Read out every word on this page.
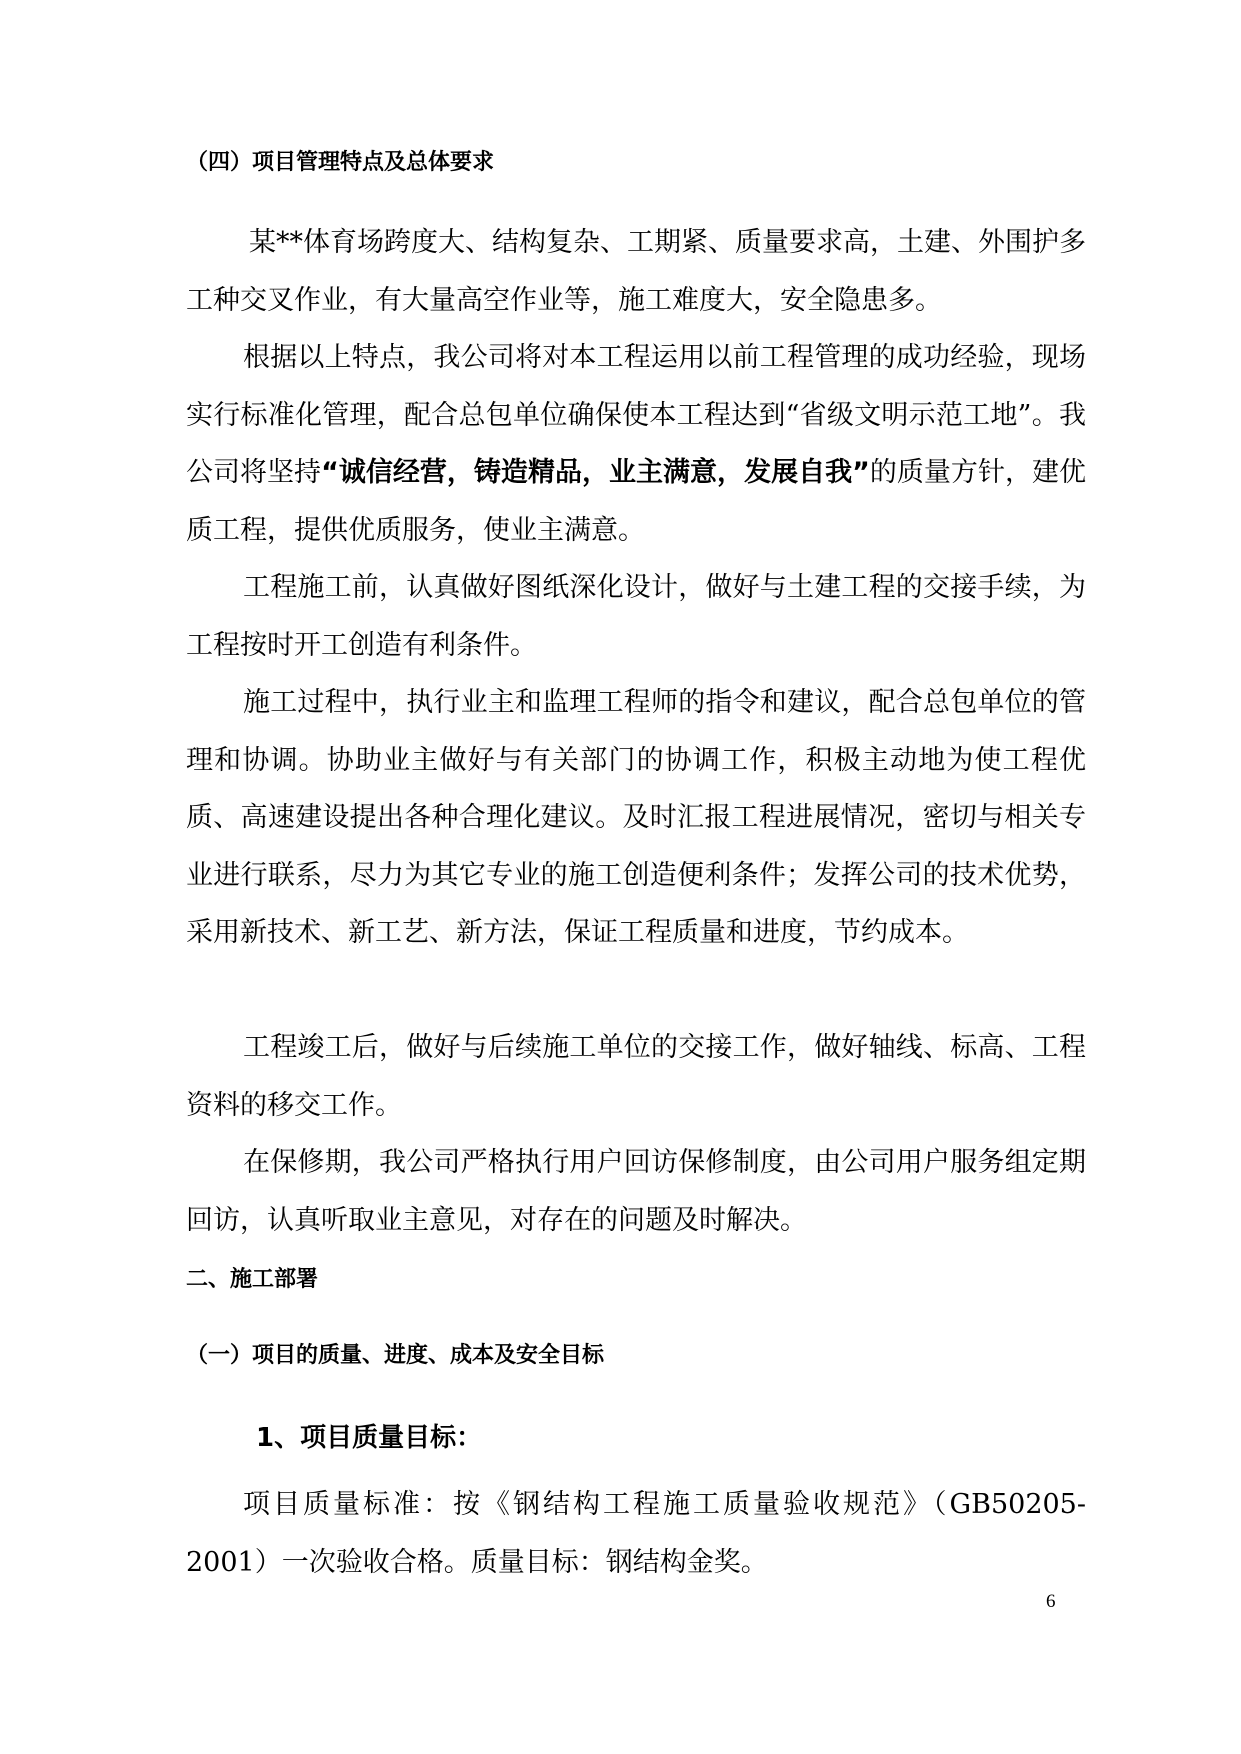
（四）项目管理特点及总体要求

某**体育场跨度大、结构复杂、工期紧、质量要求高，土建、外围护多工种交叉作业，有大量高空作业等，施工难度大，安全隐患多。

根据以上特点，我公司将对本工程运用以前工程管理的成功经验，现场实行标准化管理，配合总包单位确保使本工程达到“省级文明示范工地”。我公司将坚持“诚信经营，铸造精品，业主满意，发展自我”的质量方针，建优质工程，提供优质服务，使业主满意。

工程施工前，认真做好图纸深化设计，做好与土建工程的交接手续，为工程按时开工创造有利条件。

施工过程中，执行业主和监理工程师的指令和建议，配合总包单位的管理和协调。协助业主做好与有关部门的协调工作，积极主动地为使工程优质、高速建设提出各种合理化建议。及时汇报工程进展情况，密切与相关专业进行联系，尽力为其它专业的施工创造便利条件；发挥公司的技术优势，采用新技术、新工艺、新方法，保证工程质量和进度，节约成本。

工程竣工后，做好与后续施工单位的交接工作，做好轴线、标高、工程资料的移交工作。

在保修期，我公司严格执行用户回访保修制度，由公司用户服务组定期回访，认真听取业主意见，对存在的问题及时解决。

二、施工部署
（一）项目的质量、进度、成本及安全目标
1、项目质量目标：

项目质量标准：按《钢结构工程施工质量验收规范》（GB50205-2001）一次验收合格。质量目标：钢结构金奖。

6
